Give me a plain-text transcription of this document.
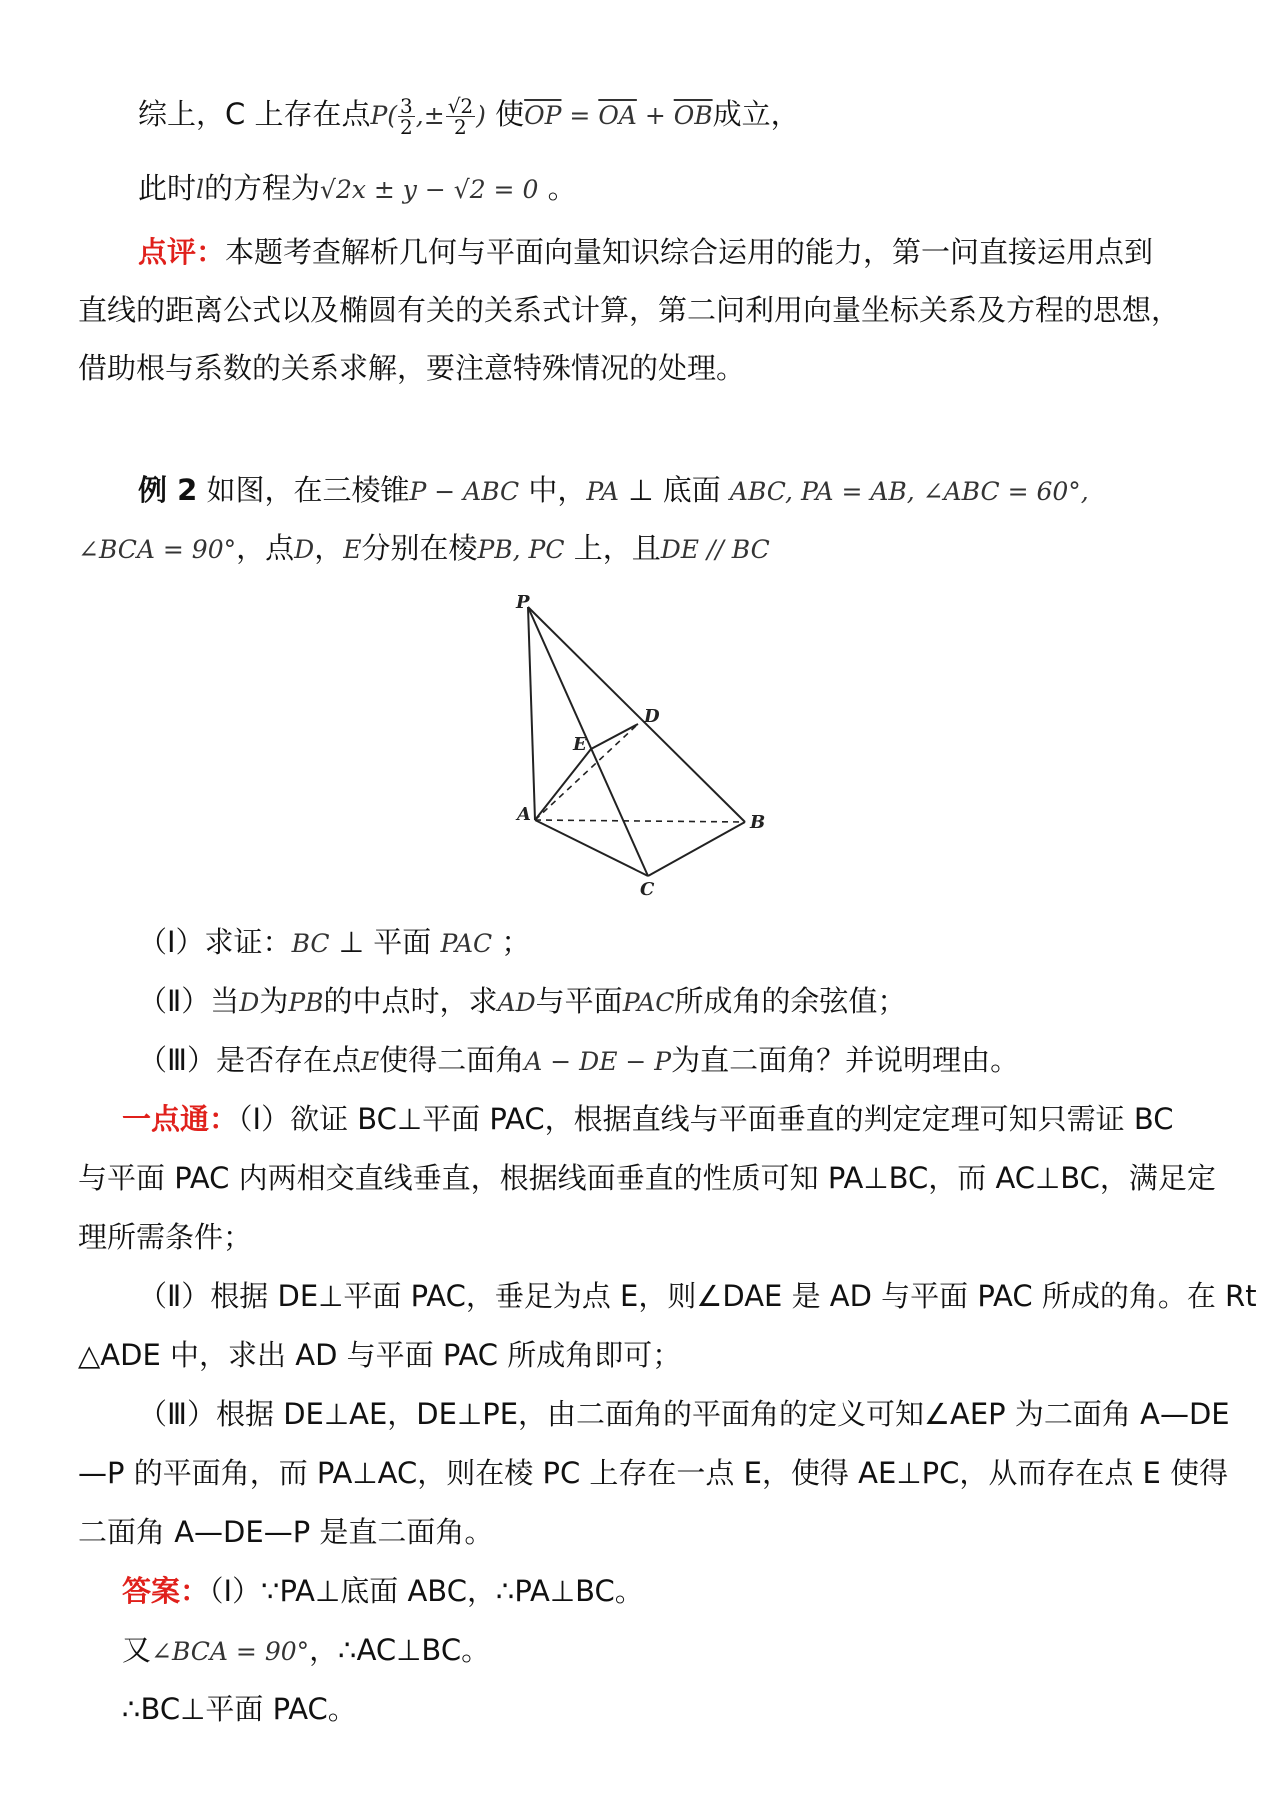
综上，C 上存在点$P( \frac{3}{2}$ ,± $\frac{√2}{2}$ ) 使$\overline{OP} = \overline{OA} + \overline{OB}$成立，
此时l的方程为√2x ± y − √2 = 0 。
点评：本题考查解析几何与平面向量知识综合运用的能力，第一问直接运用点到
直线的距离公式以及椭圆有关的关系式计算，第二问利用向量坐标关系及方程的思想，
借助根与系数的关系求解，要注意特殊情况的处理。
例 2 如图，在三棱锥P − ABC 中，PA ⊥ 底面 ABC, PA = AB, ∠ABC = 60°,
∠BCA = 90°，点D，E分别在棱PB, PC 上，且DE // BC
P
D
E
A	B
C
（Ⅰ）求证：BC ⊥ 平面 PAC ；
（Ⅱ）当D为PB的中点时，求AD与平面PAC所成角的余弦值；
（Ⅲ）是否存在点E使得二面角A − DE − P为直二面角？并说明理由。
一点通：（Ⅰ）欲证 BC⊥平面 PAC，根据直线与平面垂直的判定定理可知只需证 BC
与平面 PAC 内两相交直线垂直，根据线面垂直的性质可知 PA⊥BC，而 AC⊥BC，满足定
理所需条件；
（Ⅱ）根据 DE⊥平面 PAC，垂足为点 E，则∠DAE 是 AD 与平面 PAC 所成的角。在 Rt
△ADE 中，求出 AD 与平面 PAC 所成角即可；
（Ⅲ）根据 DE⊥AE，DE⊥PE，由二面角的平面角的定义可知∠AEP 为二面角 A—DE
—P 的平面角，而 PA⊥AC，则在棱 PC 上存在一点 E，使得 AE⊥PC，从而存在点 E 使得
二面角 A—DE—P 是直二面角。
答案：（Ⅰ）∵PA⊥底面 ABC，∴PA⊥BC。
又∠BCA = 90°，∴AC⊥BC。
∴BC⊥平面 PAC。
